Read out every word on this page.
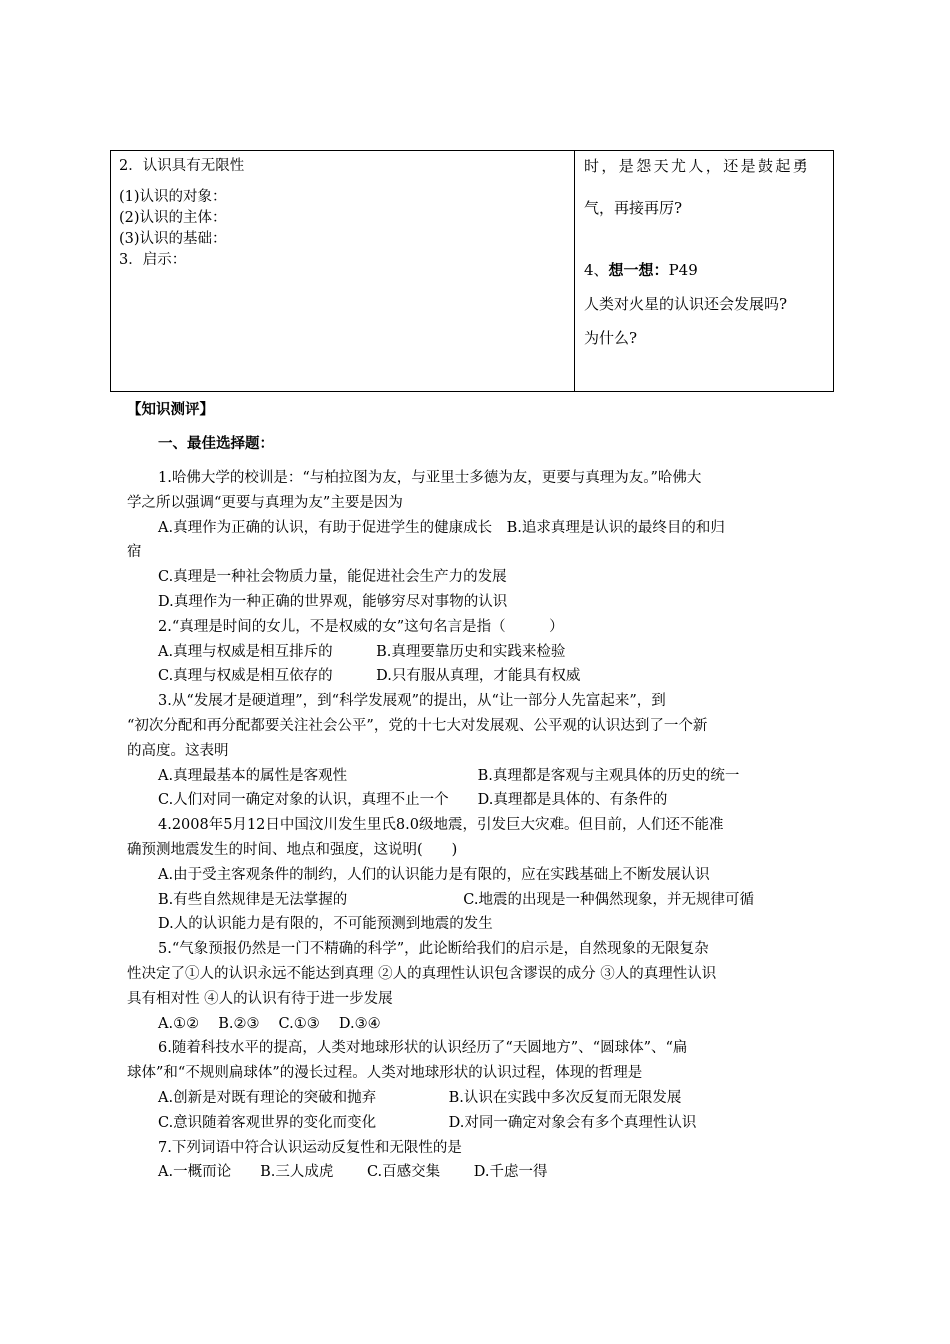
2．认识具有无限性
(1)认识的对象：
(2)认识的主体：
(3)认识的基础：
3．启示：
时，是怨天尤人，还是鼓起勇
气，再接再厉?
4、想一想：P49
人类对火星的认识还会发展吗?
为什么?
【知识测评】
一、最佳选择题：
1.哈佛大学的校训是：“与柏拉图为友，与亚里士多德为友，更要与真理为友。”哈佛大
学之所以强调“更要与真理为友”主要是因为
A.真理作为正确的认识，有助于促进学生的健康成长　B.追求真理是认识的最终目的和归
宿
C.真理是一种社会物质力量，能促进社会生产力的发展
D.真理作为一种正确的世界观，能够穷尽对事物的认识
2.“真理是时间的女儿，不是权威的女”这句名言是指（　　　）
A.真理与权威是相互排斥的　　　B.真理要靠历史和实践来检验
C.真理与权威是相互依存的　　　D.只有服从真理，才能具有权威
3.从“发展才是硬道理”，到“科学发展观”的提出，从“让一部分人先富起来”，到
“初次分配和再分配都要关注社会公平”，党的十七大对发展观、公平观的认识达到了一个新
的高度。这表明
A.真理最基本的属性是客观性　　　　　　　　　B.真理都是客观与主观具体的历史的统一
C.人们对同一确定对象的认识，真理不止一个　　D.真理都是具体的、有条件的
4.2008年5月12日中国汶川发生里氏8.0级地震，引发巨大灾难。但目前，人们还不能准
确预测地震发生的时间、地点和强度，这说明(　　)
A.由于受主客观条件的制约，人们的认识能力是有限的，应在实践基础上不断发展认识
B.有些自然规律是无法掌握的　　　　　　　　C.地震的出现是一种偶然现象，并无规律可循
D.人的认识能力是有限的，不可能预测到地震的发生
5.“气象预报仍然是一门不精确的科学”，此论断给我们的启示是，自然现象的无限复杂
性决定了①人的认识永远不能达到真理 ②人的真理性认识包含谬误的成分 ③人的真理性认识
具有相对性 ④人的认识有待于进一步发展
A.①②　 B.②③　 C.①③　 D.③④
6.随着科技水平的提高，人类对地球形状的认识经历了“天圆地方”、“圆球体”、“扁
球体”和“不规则扁球体”的漫长过程。人类对地球形状的认识过程，体现的哲理是
A.创新是对既有理论的突破和抛弃　　　　　B.认识在实践中多次反复而无限发展
C.意识随着客观世界的变化而变化　　　　　D.对同一确定对象会有多个真理性认识
7.下列词语中符合认识运动反复性和无限性的是
A.一概而论　　B.三人成虎　　 C.百感交集　　 D.千虑一得
